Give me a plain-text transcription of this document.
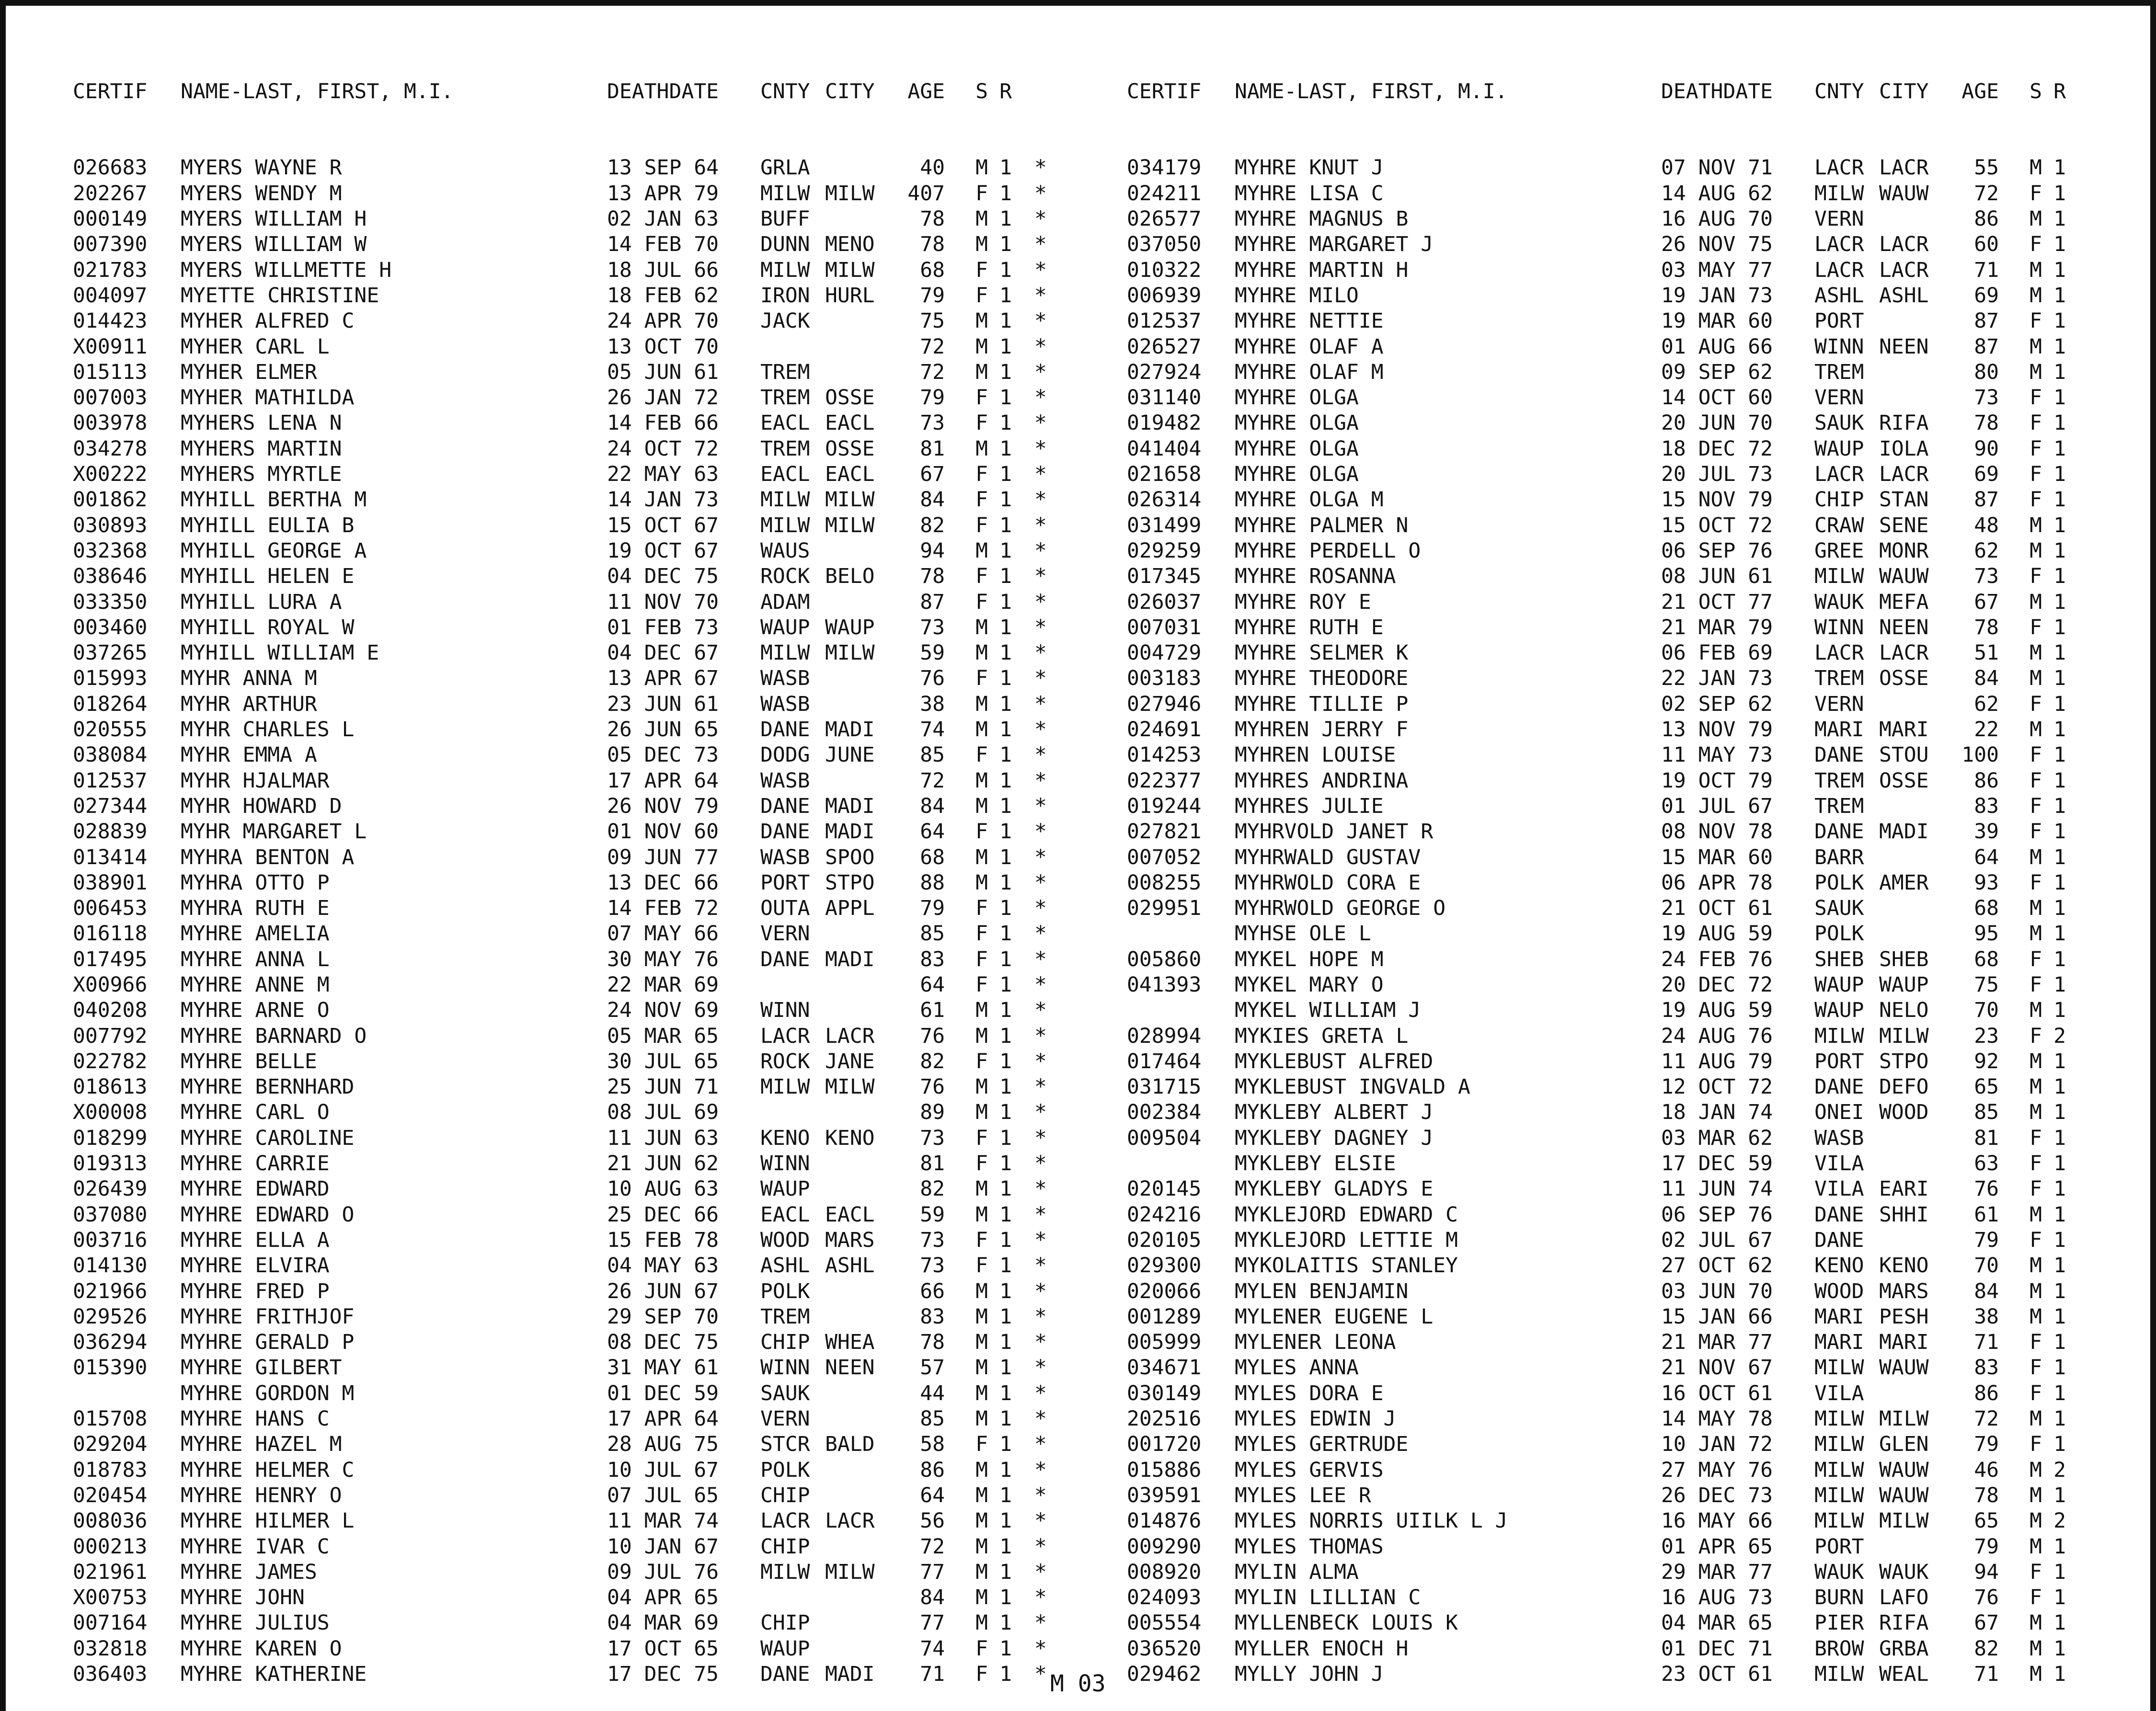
CERTIF NAME-LAST, FIRST, M.I.	DEATHDATE CNTY CITY AGE S R

026683 MYERS WAYNE R	13 SEP 64 GRLA	40 M 1 *
202267 MYERS WENDY M	13 APR 79 MILW MILW 407 F 1 *
000149 MYERS WILLIAM H	02 JAN 63 BUFF	78 M 1 *
007390 MYERS WILLIAM W	14 FEB 70 DUNN MENO 78 M 1 *
021783 MYERS WILLMETTE H	18 JUL 66 MILW MILW 68 F 1 *
004097 MYETTE CHRISTINE	18 FEB 62 IRON HURL 79 F 1 *
014423 MYHER ALFRED C	24 APR 70 JACK	75 M 1 *
X00911 MYHER CARL L	13 OCT 70	72 M 1 *
015113 MYHER ELMER	05 JUN 61 TREM	72 M 1 *
007003 MYHER MATHILDA	26 JAN 72 TREM OSSE 79 F 1 *
003978 MYHERS LENA N	14 FEB 66 EACL EACL 73 F 1 *
034278 MYHERS MARTIN	24 OCT 72 TREM OSSE 81 M 1 *
X00222 MYHERS MYRTLE	22 MAY 63 EACL EACL 67 F 1 *
001862 MYHILL BERTHA M	14 JAN 73 MILW MILW 84 F 1 *
030893 MYHILL EULIA B	15 OCT 67 MILW MILW 82 F 1 *
032368 MYHILL GEORGE A	19 OCT 67 WAUS	94 M 1 *
038646 MYHILL HELEN E	04 DEC 75 ROCK BELO 78 F 1 *
033350 MYHILL LURA A	11 NOV 70 ADAM	87 F 1 *
003460 MYHILL ROYAL W	01 FEB 73 WAUP WAUP 73 M 1 *
037265 MYHILL WILLIAM E	04 DEC 67 MILW MILW 59 M 1 *
015993 MYHR ANNA M	13 APR 67 WASB	76 F 1 *
018264 MYHR ARTHUR	23 JUN 61 WASB	38 M 1 *
020555 MYHR CHARLES L	26 JUN 65 DANE MADI 74 M 1 *
038084 MYHR EMMA A	05 DEC 73 DODG JUNE 85 F 1 *
012537 MYHR HJALMAR	17 APR 64 WASB	72 M 1 *
027344 MYHR HOWARD D	26 NOV 79 DANE MADI 84 M 1 *
028839 MYHR MARGARET L	01 NOV 60 DANE MADI 64 F 1 *
013414 MYHRA BENTON A	09 JUN 77 WASB SPOO 68 M 1 *
038901 MYHRA OTTO P	13 DEC 66 PORT STPO 88 M 1 *
006453 MYHRA RUTH E	14 FEB 72 OUTA APPL 79 F 1 *
016118 MYHRE AMELIA	07 MAY 66 VERN	85 F 1 *
017495 MYHRE ANNA L	30 MAY 76 DANE MADI 83 F 1 *
X00966 MYHRE ANNE M	22 MAR 69	64 F 1 *
040208 MYHRE ARNE O	24 NOV 69 WINN	61 M 1 *
007792 MYHRE BARNARD O	05 MAR 65 LACR LACR 76 M 1 *
022782 MYHRE BELLE	30 JUL 65 ROCK JANE 82 F 1 *
018613 MYHRE BERNHARD	25 JUN 71 MILW MILW 76 M 1 *
X00008 MYHRE CARL O	08 JUL 69	89 M 1 *
018299 MYHRE CAROLINE	11 JUN 63 KENO KENO 73 F 1 *
019313 MYHRE CARRIE	21 JUN 62 WINN	81 F 1 *
026439 MYHRE EDWARD	10 AUG 63 WAUP	82 M 1 *
037080 MYHRE EDWARD O	25 DEC 66 EACL EACL 59 M 1 *
003716 MYHRE ELLA A	15 FEB 78 WOOD MARS 73 F 1 *
014130 MYHRE ELVIRA	04 MAY 63 ASHL ASHL 73 F 1 *
021966 MYHRE FRED P	26 JUN 67 POLK	66 M 1 *
029526 MYHRE FRITHJOF	29 SEP 70 TREM	83 M 1 *
036294 MYHRE GERALD P	08 DEC 75 CHIP WHEA 78 M 1 *
015390 MYHRE GILBERT	31 MAY 61 WINN NEEN 57 M 1 *
MYHRE GORDON M	01 DEC 59 SAUK	44 M 1 *
015708 MYHRE HANS C	17 APR 64 VERN	85 M 1 *
029204 MYHRE HAZEL M	28 AUG 75 STCR BALD 58 F 1 *
018783 MYHRE HELMER C	10 JUL 67 POLK	86 M 1 *
020454 MYHRE HENRY O	07 JUL 65 CHIP	64 M 1 *
008036 MYHRE HILMER L	11 MAR 74 LACR LACR 56 M 1 *
000213 MYHRE IVAR C	10 JAN 67 CHIP	72 M 1 *
021961 MYHRE JAMES	09 JUL 76 MILW MILW 77 M 1 *
X00753 MYHRE JOHN	04 APR 65	84 M 1 *
007164 MYHRE JULIUS	04 MAR 69 CHIP	77 M 1 *
032818 MYHRE KAREN O	17 OCT 65 WAUP	74 F 1 *
036403 MYHRE KATHERINE	17 DEC 75 DANE MADI 71 F 1 *

CERTIF NAME-LAST, FIRST, M.I.	DEATHDATE CNTY CITY AGE S R

034179 MYHRE KNUT J	07 NOV 71 LACR LACR 55 M 1
024211 MYHRE LISA C	14 AUG 62 MILW WAUW 72 F 1
026577 MYHRE MAGNUS B	16 AUG 70 VERN	86 M 1
037050 MYHRE MARGARET J	26 NOV 75 LACR LACR 60 F 1
010322 MYHRE MARTIN H	03 MAY 77 LACR LACR 71 M 1
006939 MYHRE MILO	19 JAN 73 ASHL ASHL 69 M 1
012537 MYHRE NETTIE	19 MAR 60 PORT	87 F 1
026527 MYHRE OLAF A	01 AUG 66 WINN NEEN 87 M 1
027924 MYHRE OLAF M	09 SEP 62 TREM	80 M 1
031140 MYHRE OLGA	14 OCT 60 VERN	73 F 1
019482 MYHRE OLGA	20 JUN 70 SAUK RIFA 78 F 1
041404 MYHRE OLGA	18 DEC 72 WAUP IOLA 90 F 1
021658 MYHRE OLGA	20 JUL 73 LACR LACR 69 F 1
026314 MYHRE OLGA M	15 NOV 79 CHIP STAN 87 F 1
031499 MYHRE PALMER N	15 OCT 72 CRAW SENE 48 M 1
029259 MYHRE PERDELL O	06 SEP 76 GREE MONR 62 M 1
017345 MYHRE ROSANNA	08 JUN 61 MILW WAUW 73 F 1
026037 MYHRE ROY E	21 OCT 77 WAUK MEFA 67 M 1
007031 MYHRE RUTH E	21 MAR 79 WINN NEEN 78 F 1
004729 MYHRE SELMER K	06 FEB 69 LACR LACR 51 M 1
003183 MYHRE THEODORE	22 JAN 73 TREM OSSE 84 M 1
027946 MYHRE TILLIE P	02 SEP 62 VERN	62 F 1
024691 MYHREN JERRY F	13 NOV 79 MARI MARI 22 M 1
014253 MYHREN LOUISE	11 MAY 73 DANE STOU 100 F 1
022377 MYHRES ANDRINA	19 OCT 79 TREM OSSE 86 F 1
019244 MYHRES JULIE	01 JUL 67 TREM	83 F 1
027821 MYHRVOLD JANET R	08 NOV 78 DANE MADI 39 F 1
007052 MYHRWALD GUSTAV	15 MAR 60 BARR	64 M 1
008255 MYHRWOLD CORA E	06 APR 78 POLK AMER 93 F 1
029951 MYHRWOLD GEORGE O	21 OCT 61 SAUK	68 M 1
MYHSE OLE L	19 AUG 59 POLK	95 M 1
005860 MYKEL HOPE M	24 FEB 76 SHEB SHEB 68 F 1
041393 MYKEL MARY O	20 DEC 72 WAUP WAUP 75 F 1
MYKEL WILLIAM J	19 AUG 59 WAUP NELO 70 M 1
028994 MYKIES GRETA L	24 AUG 76 MILW MILW 23 F 2
017464 MYKLEBUST ALFRED	11 AUG 79 PORT STPO 92 M 1
031715 MYKLEBUST INGVALD A	12 OCT 72 DANE DEFO 65 M 1
002384 MYKLEBY ALBERT J	18 JAN 74 ONEI WOOD 85 M 1
009504 MYKLEBY DAGNEY J	03 MAR 62 WASB	81 F 1
MYKLEBY ELSIE	17 DEC 59 VILA	63 F 1
020145 MYKLEBY GLADYS E	11 JUN 74 VILA EARI 76 F 1
024216 MYKLEJORD EDWARD C	06 SEP 76 DANE SHHI 61 M 1
020105 MYKLEJORD LETTIE M	02 JUL 67 DANE	79 F 1
029300 MYKOLAITIS STANLEY	27 OCT 62 KENO KENO 70 M 1
020066 MYLEN BENJAMIN	03 JUN 70 WOOD MARS 84 M 1
001289 MYLENER EUGENE L	15 JAN 66 MARI PESH 38 M 1
005999 MYLENER LEONA	21 MAR 77 MARI MARI 71 F 1
034671 MYLES ANNA	21 NOV 67 MILW WAUW 83 F 1
030149 MYLES DORA E	16 OCT 61 VILA	86 F 1
202516 MYLES EDWIN J	14 MAY 78 MILW MILW 72 M 1
001720 MYLES GERTRUDE	10 JAN 72 MILW GLEN 79 F 1
015886 MYLES GERVIS	27 MAY 76 MILW WAUW 46 M 2
039591 MYLES LEE R	26 DEC 73 MILW WAUW 78 M 1
014876 MYLES NORRIS UIILK L J	16 MAY 66 MILW MILW 65 M 2
009290 MYLES THOMAS	01 APR 65 PORT	79 M 1
008920 MYLIN ALMA	29 MAR 77 WAUK WAUK 94 F 1
024093 MYLIN LILLIAN C	16 AUG 73 BURN LAFO 76 F 1
005554 MYLLENBECK LOUIS K	04 MAR 65 PIER RIFA 67 M 1
036520 MYLLER ENOCH H	01 DEC 71 BROW GRBA 82 M 1
029462 MYLLY JOHN J	23 OCT 61 MILW WEAL 71 M 1
M 03
